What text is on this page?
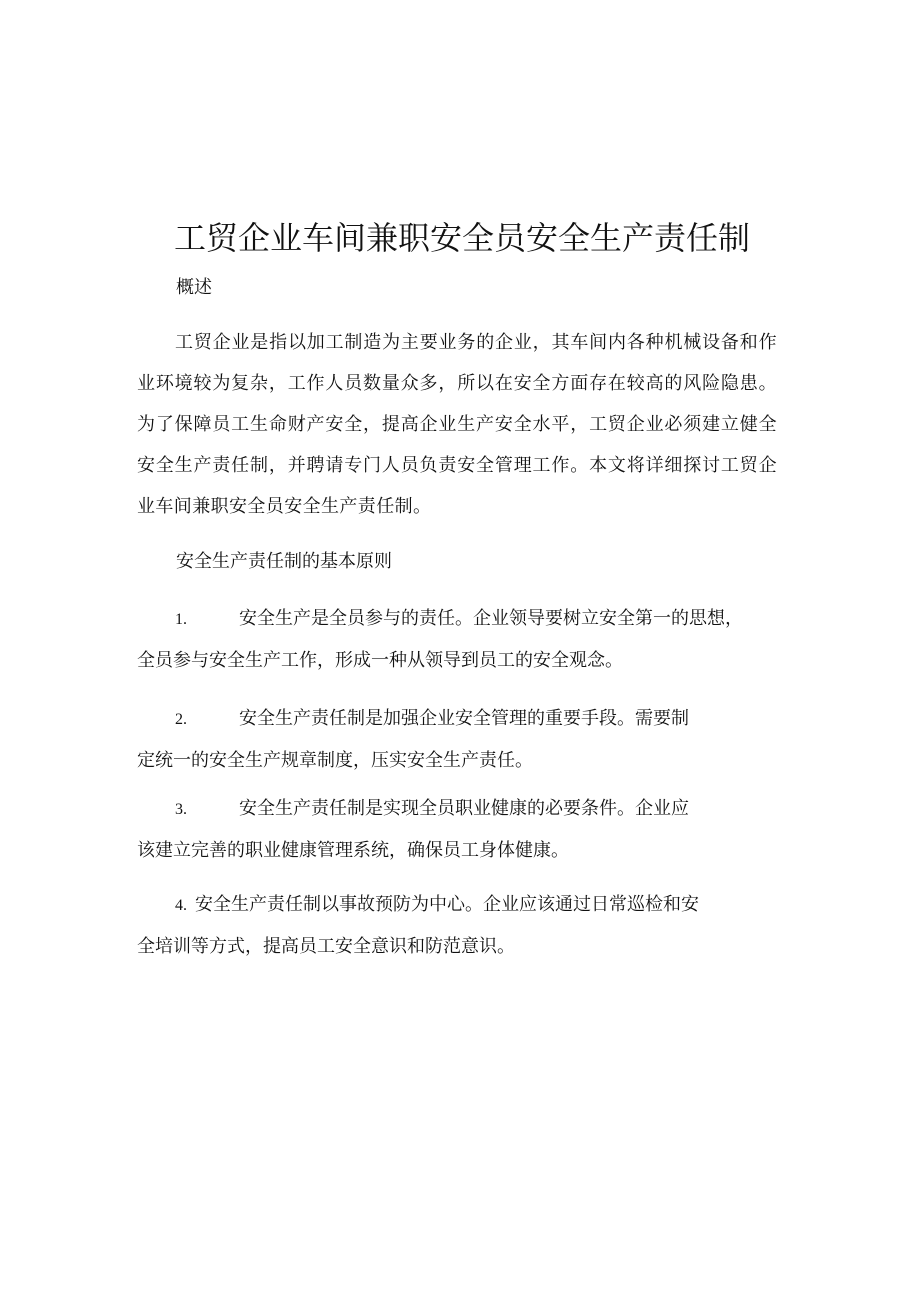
工贸企业车间兼职安全员安全生产责任制
概述
工贸企业是指以加工制造为主要业务的企业，其车间内各种机械设备和作业环境较为复杂，工作人员数量众多，所以在安全方面存在较高的风险隐患。为了保障员工生命财产安全，提高企业生产安全水平，工贸企业必须建立健全安全生产责任制，并聘请专门人员负责安全管理工作。本文将详细探讨工贸企业车间兼职安全员安全生产责任制。
安全生产责任制的基本原则
1.	安全生产是全员参与的责任。企业领导要树立安全第一的思想，
全员参与安全生产工作，形成一种从领导到员工的安全观念。
2.	安全生产责任制是加强企业安全管理的重要手段。需要制
定统一的安全生产规章制度，压实安全生产责任。
3.	安全生产责任制是实现全员职业健康的必要条件。企业应
该建立完善的职业健康管理系统，确保员工身体健康。
4. 安全生产责任制以事故预防为中心。企业应该通过日常巡检和安
全培训等方式，提高员工安全意识和防范意识。
